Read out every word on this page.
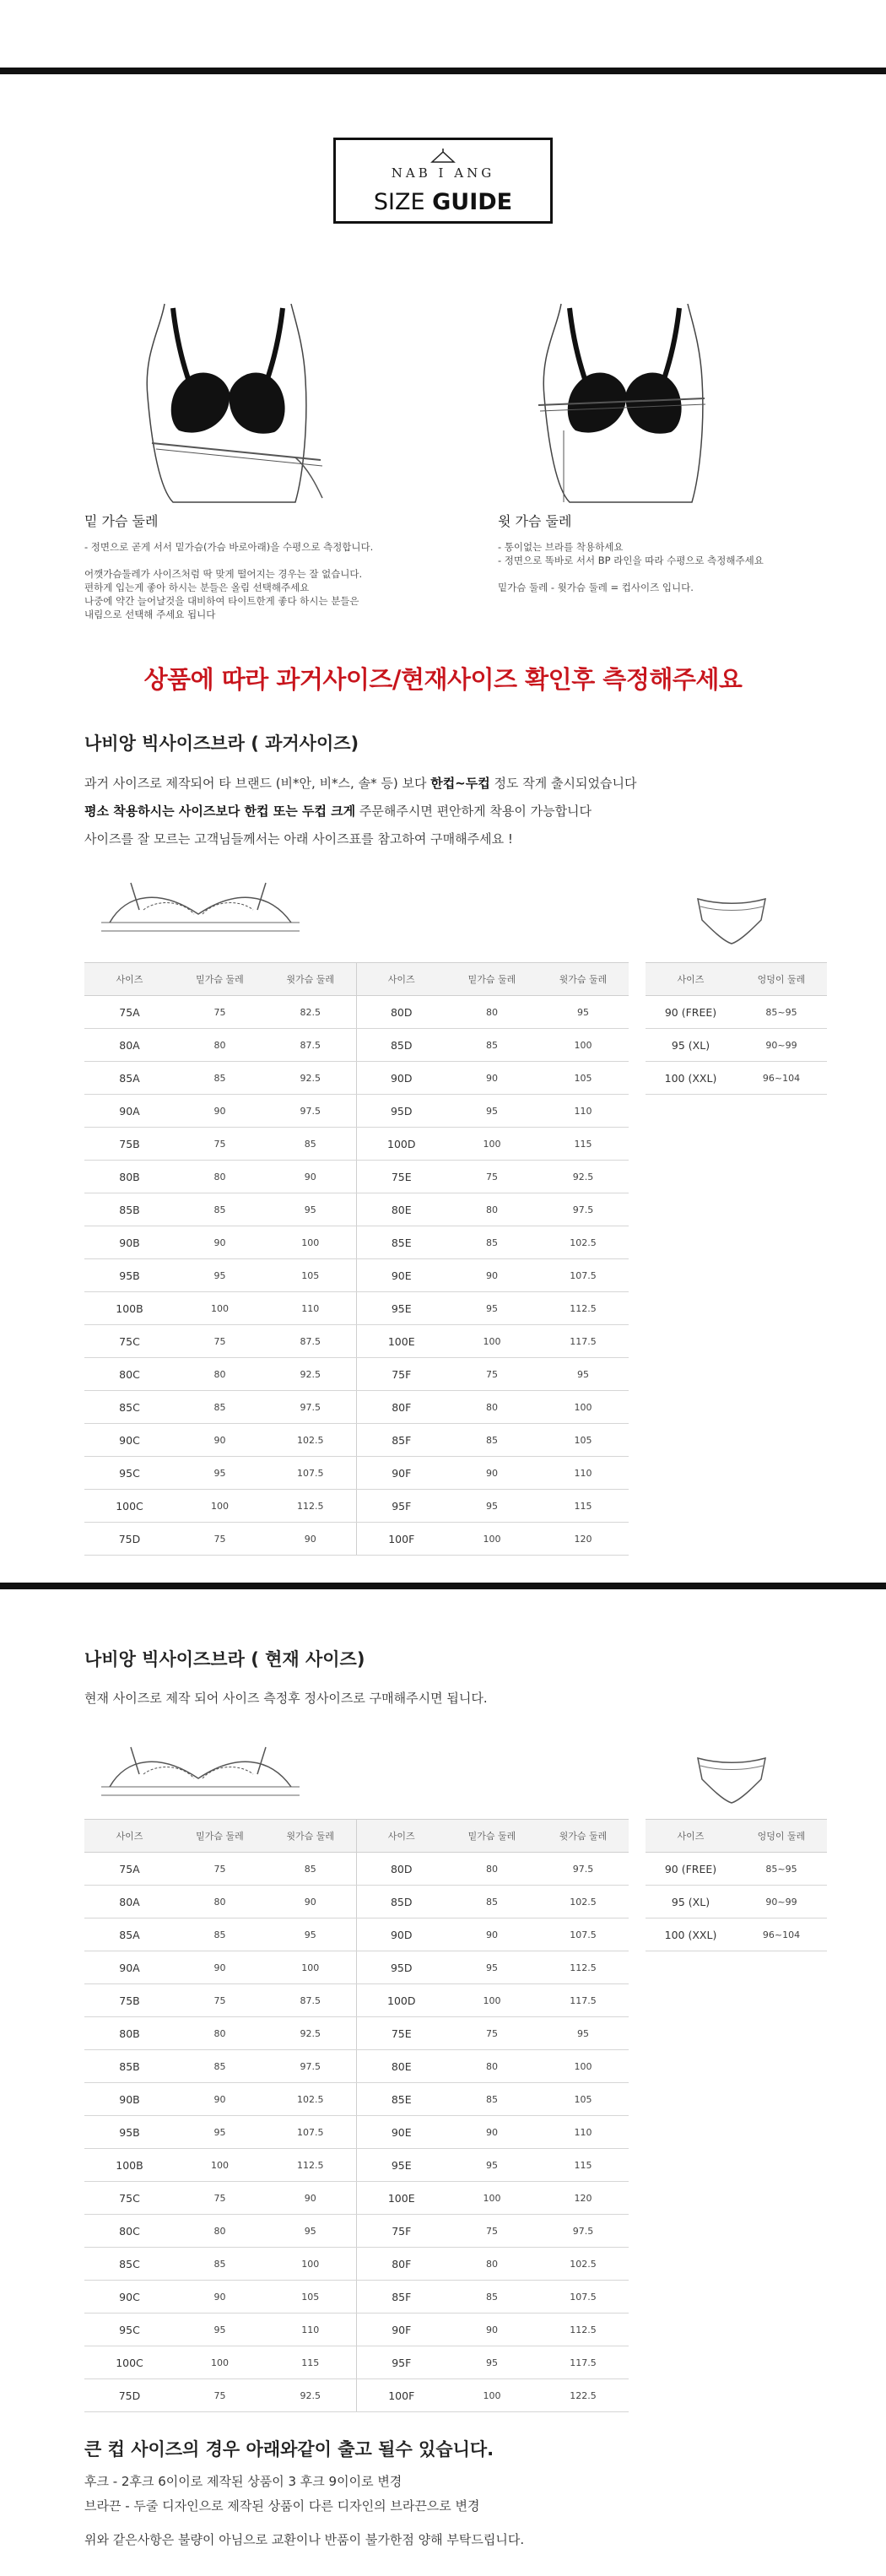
NAB I ANG
SIZE GUIDE
밑 가슴 둘레
- 정면으로 곧게 서서 밑가슴(가슴 바로아래)을 수평으로 측정합니다.

어깻가슴둘레가 사이즈처럼 딱 맞게 떨어지는 경우는 잘 없습니다.
편하게 입는게 좋아 하시는 분들은 올림 선택해주세요
나중에 약간 늘어날것을 대비하여 타이트한게 좋다 하시는 분들은
내림으로 선택해 주세요 됩니다
윗 가슴 둘레
- 통이없는 브라를 착용하세요
- 정면으로 똑바로 서서 BP 라인을 따라 수평으로 측정해주세요

밑가슴 둘레 - 윗가슴 둘레 = 컵사이즈 입니다.
상품에 따라 과거사이즈/현재사이즈 확인후 측정해주세요
나비앙 빅사이즈브라 ( 과거사이즈)
과거 사이즈로 제작되어 타 브랜드 (비*안, 비*스, 솔* 등) 보다 한컵~두컵 정도 작게 출시되었습니다
평소 착용하시는 사이즈보다 한컵 또는 두컵 크게 주문해주시면 편안하게 착용이 가능합니다
사이즈를 잘 모르는 고객님들께서는 아래 사이즈표를 참고하여 구매해주세요 !
사이즈	밑가슴 둘레	윗가슴 둘레	사이즈	밑가슴 둘레	윗가슴 둘레
75A	75	82.5	80D	80	95
80A	80	87.5	85D	85	100
85A	85	92.5	90D	90	105
90A	90	97.5	95D	95	110
75B	75	85	100D	100	115
80B	80	90	75E	75	92.5
85B	85	95	80E	80	97.5
90B	90	100	85E	85	102.5
95B	95	105	90E	90	107.5
100B	100	110	95E	95	112.5
75C	75	87.5	100E	100	117.5
80C	80	92.5	75F	75	95
85C	85	97.5	80F	80	100
90C	90	102.5	85F	85	105
95C	95	107.5	90F	90	110
100C	100	112.5	95F	95	115
75D	75	90	100F	100	120
사이즈	엉덩이 둘레
90 (FREE)	85~95
95 (XL)	90~99
100 (XXL)	96~104
나비앙 빅사이즈브라 ( 현재 사이즈)
현재 사이즈로 제작 되어 사이즈 측정후 정사이즈로 구매해주시면 됩니다.
사이즈	밑가슴 둘레	윗가슴 둘레	사이즈	밑가슴 둘레	윗가슴 둘레
75A	75	85	80D	80	97.5
80A	80	90	85D	85	102.5
85A	85	95	90D	90	107.5
90A	90	100	95D	95	112.5
75B	75	87.5	100D	100	117.5
80B	80	92.5	75E	75	95
85B	85	97.5	80E	80	100
90B	90	102.5	85E	85	105
95B	95	107.5	90E	90	110
100B	100	112.5	95E	95	115
75C	75	90	100E	100	120
80C	80	95	75F	75	97.5
85C	85	100	80F	80	102.5
90C	90	105	85F	85	107.5
95C	95	110	90F	90	112.5
100C	100	115	95F	95	117.5
75D	75	92.5	100F	100	122.5
사이즈	엉덩이 둘레
90 (FREE)	85~95
95 (XL)	90~99
100 (XXL)	96~104
큰 컵 사이즈의 경우 아래와같이 출고 될수 있습니다.
후크 - 2후크 6이이로 제작된 상품이 3 후크 9이이로 변경
브라끈 - 두줄 디자인으로 제작된 상품이 다른 디자인의 브라끈으로 변경
위와 같은사항은 불량이 아님으로 교환이나 반품이 불가한점 양해 부탁드립니다.
